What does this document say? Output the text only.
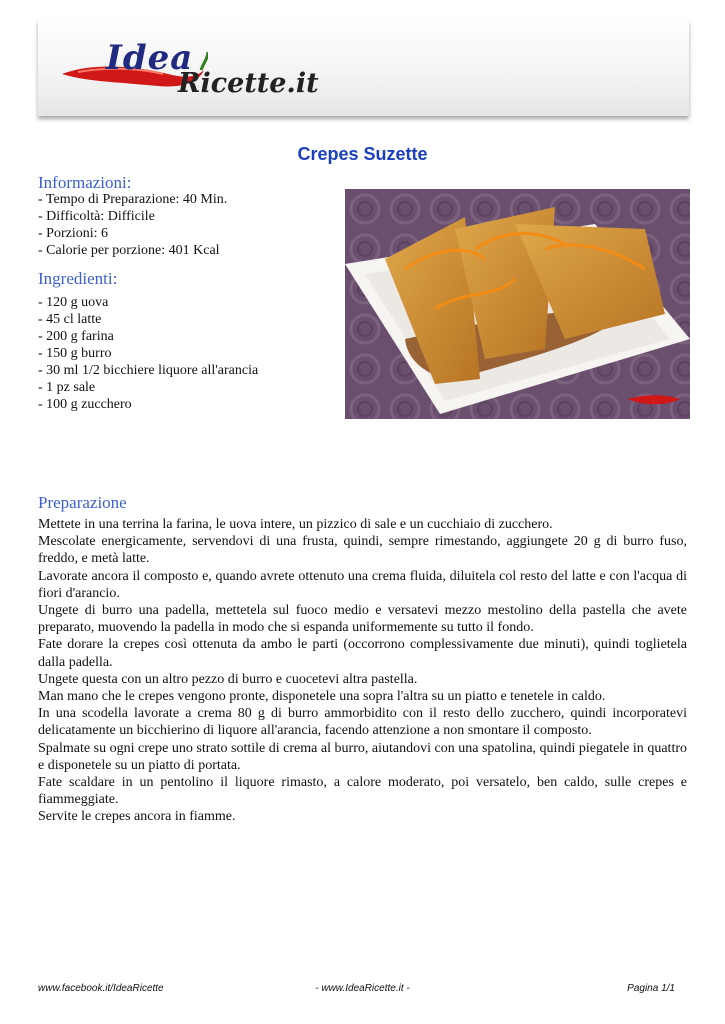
Idea
Ricette.it
Crepes Suzette
Informazioni:
- Tempo di Preparazione: 40 Min.
- Difficoltà: Difficile
- Porzioni: 6
- Calorie per porzione: 401 Kcal
Ingredienti:
- 120 g uova
- 45 cl latte
- 200 g farina
- 150 g burro
- 30 ml 1/2 bicchiere liquore all'arancia
- 1 pz sale
- 100 g zucchero
Preparazione

Mettete in una terrina la farina, le uova intere, un pizzico di sale e un cucchiaio di zucchero.

Mescolate energicamente, servendovi di una frusta, quindi, sempre rimestando, aggiungete 20 g di burro fuso, freddo, e metà latte.

Lavorate ancora il composto e, quando avrete ottenuto una crema fluida, diluitela col resto del latte e con l'acqua di fiori d'arancio.

Ungete di burro una padella, mettetela sul fuoco medio e versatevi mezzo mestolino della pastella che avete preparato, muovendo la padella in modo che si espanda uniformemente su tutto il fondo.

Fate dorare la crepes così ottenuta da ambo le parti (occorrono complessivamente due minuti), quindi toglietela dalla padella.

Ungete questa con un altro pezzo di burro e cuocetevi altra pastella.

Man mano che le crepes vengono pronte, disponetele una sopra l'altra su un piatto e tenetele in caldo.

In una scodella lavorate a crema 80 g di burro ammorbidito con il resto dello zucchero, quindi incorporatevi delicatamente un bicchierino di liquore all'arancia, facendo attenzione a non smontare il composto.

Spalmate su ogni crepe uno strato sottile di crema al burro, aiutandovi con una spatolina, quindi piegatele in quattro e disponetele su un piatto di portata.

Fate scaldare in un pentolino il liquore rimasto, a calore moderato, poi versatelo, ben caldo, sulle crepes e fiammeggiate.

Servite le crepes ancora in fiamme.

www.facebook.it/IdeaRicette	- www.IdeaRicette.it -	Pagina 1/1
